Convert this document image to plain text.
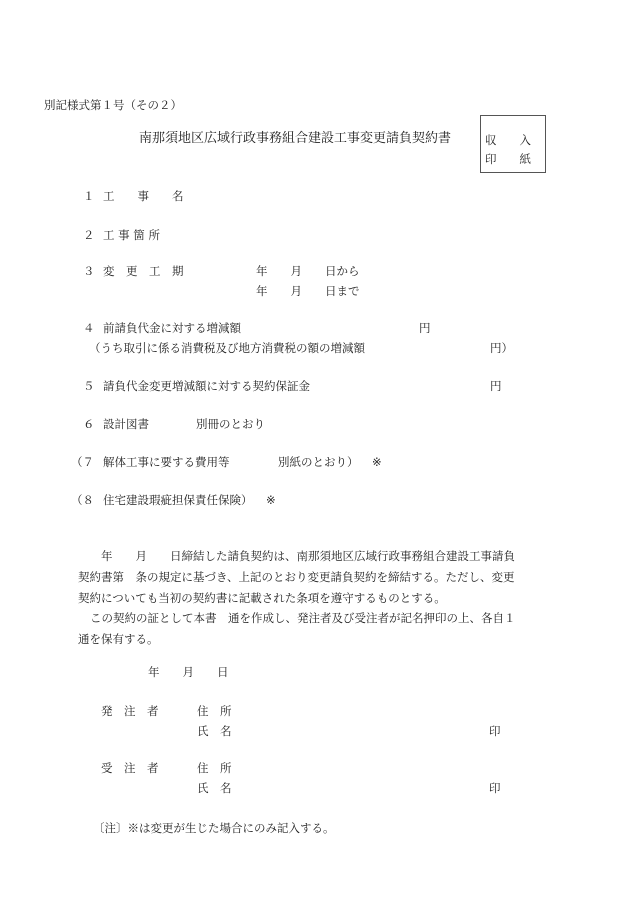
別記様式第１号（その２）
南那須地区広域行政事務組合建設工事変更請負契約書	収　　入
印　　紙
１ 工　　事　　名
２ 工 事 箇 所
３ 変　更　工　期	年　　月　　日から
年　　月　　日まで
４ 前請負代金に対する増減額	円
（うち取引に係る消費税及び地方消費税の額の増減額	円）
５ 請負代金変更増減額に対する契約保証金	円
６ 設計図書	別冊のとおり
（７ 解体工事に要する費用等	別紙のとおり） ※
（８ 住宅建設瑕疵担保責任保険） ※
年　　月　　日締結した請負契約は、南那須地区広域行政事務組合建設工事請負
契約書第　条の規定に基づき、上記のとおり変更請負契約を締結する。ただし、変更
契約についても当初の契約書に記載された条項を遵守するものとする。
この契約の証として本書　通を作成し、発注者及び受注者が記名押印の上、各自１
通を保有する。
年　　月　　日
発　注　者	住　所
氏　名	印
受　注　者	住　所
氏　名	印
〔注〕※は変更が生じた場合にのみ記入する。
